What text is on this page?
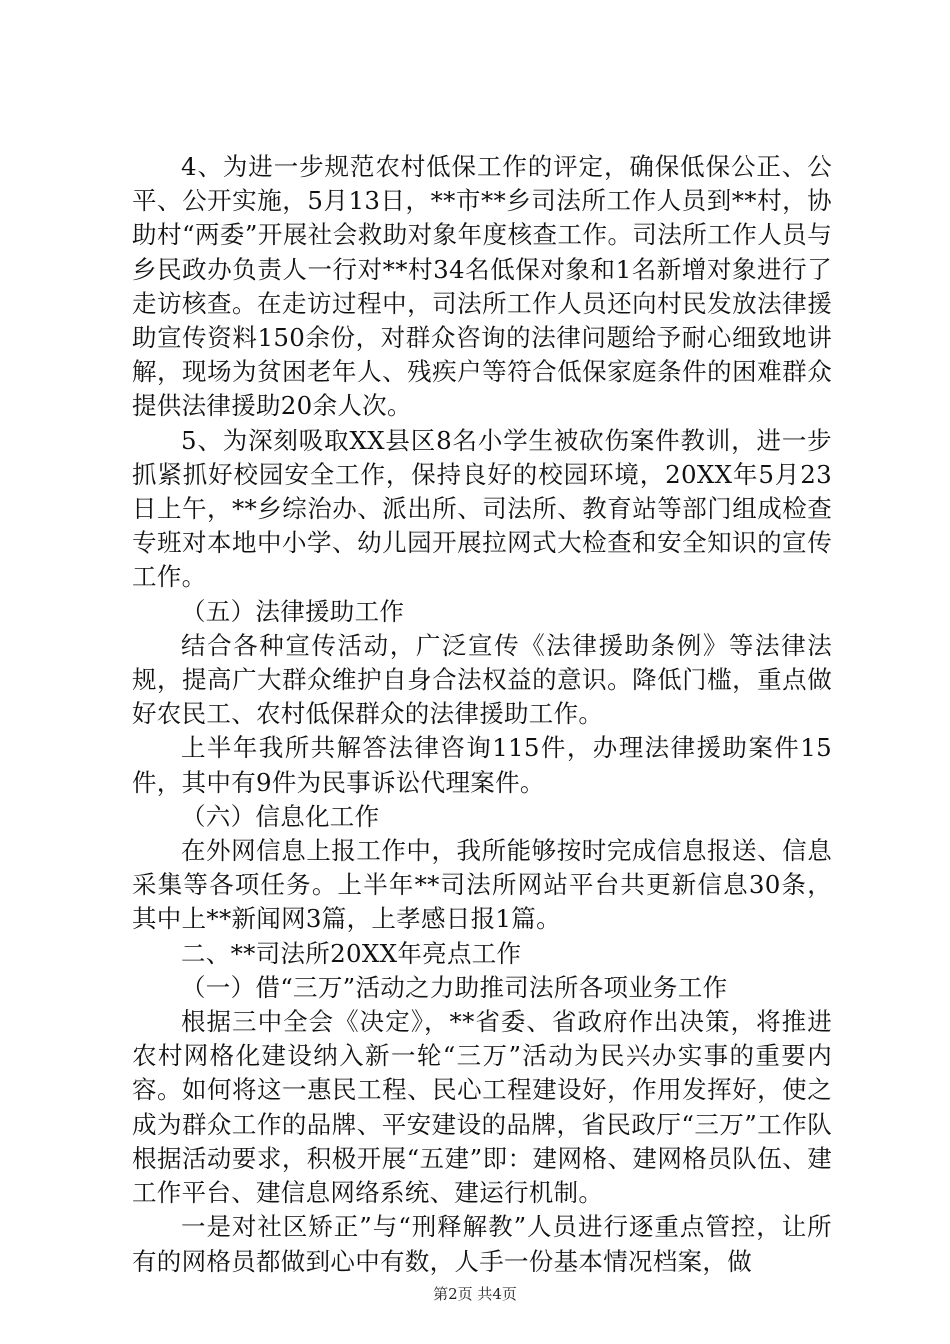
4、为进一步规范农村低保工作的评定，确保低保公正、公平、公开实施，5月13日，**市**乡司法所工作人员到**村，协助村“两委”开展社会救助对象年度核查工作。司法所工作人员与乡民政办负责人一行对**村34名低保对象和1名新增对象进行了走访核查。在走访过程中，司法所工作人员还向村民发放法律援助宣传资料150余份，对群众咨询的法律问题给予耐心细致地讲解，现场为贫困老年人、残疾户等符合低保家庭条件的困难群众提供法律援助20余人次。

5、为深刻吸取XX县区8名小学生被砍伤案件教训，进一步抓紧抓好校园安全工作，保持良好的校园环境，20XX年5月23日上午，**乡综治办、派出所、司法所、教育站等部门组成检查专班对本地中小学、幼儿园开展拉网式大检查和安全知识的宣传工作。

（五）法律援助工作

结合各种宣传活动，广泛宣传《法律援助条例》等法律法规，提高广大群众维护自身合法权益的意识。降低门槛，重点做好农民工、农村低保群众的法律援助工作。

上半年我所共解答法律咨询115件，办理法律援助案件15件，其中有9件为民事诉讼代理案件。

（六）信息化工作

在外网信息上报工作中，我所能够按时完成信息报送、信息采集等各项任务。上半年**司法所网站平台共更新信息30条，其中上**新闻网3篇，上孝感日报1篇。

二、**司法所20XX年亮点工作

（一）借“三万”活动之力助推司法所各项业务工作

根据三中全会《决定》，**省委、省政府作出决策，将推进农村网格化建设纳入新一轮“三万”活动为民兴办实事的重要内容。如何将这一惠民工程、民心工程建设好，作用发挥好，使之成为群众工作的品牌、平安建设的品牌，省民政厅“三万”工作队根据活动要求，积极开展“五建”即：建网格、建网格员队伍、建工作平台、建信息网络系统、建运行机制。

一是对社区矫正”与“刑释解教”人员进行逐重点管控，让所有的网格员都做到心中有数，人手一份基本情况档案，做

第2页 共4页
